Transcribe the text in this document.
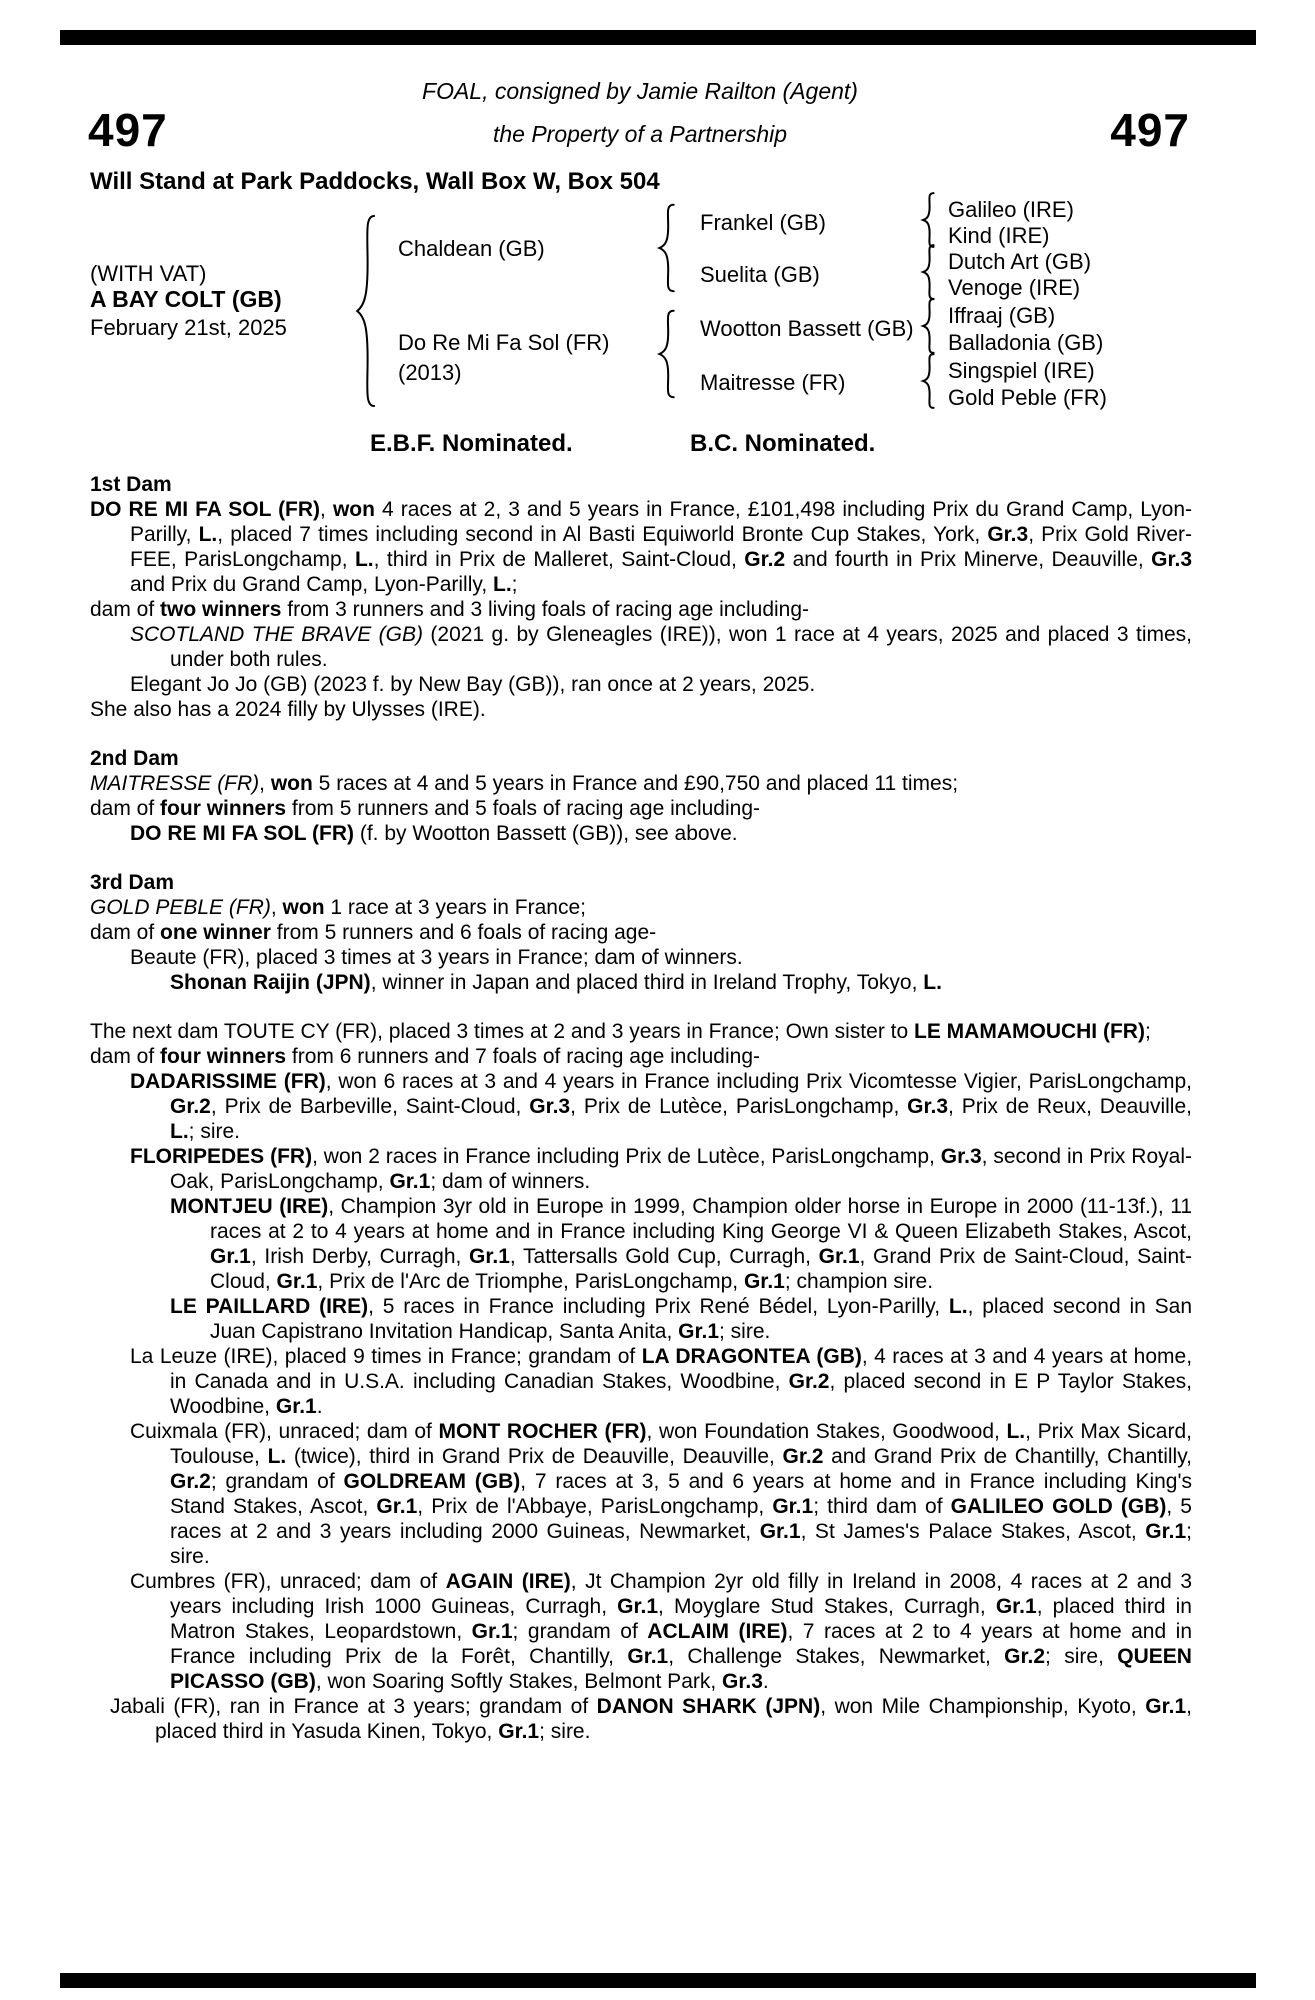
FOAL, consigned by Jamie Railton (Agent)
497	the Property of a Partnership	497
Will Stand at Park Paddocks, Wall Box W, Box 504
(WITH VAT)
A BAY COLT (GB)
February 21st, 2025
Chaldean (GB)
Do Re Mi Fa Sol (FR)
(2013)
Frankel (GB)
Suelita (GB)
Wootton Bassett (GB)
Maitresse (FR)
Galileo (IRE)
Kind (IRE)
Dutch Art (GB)
Venoge (IRE)
Iffraaj (GB)
Balladonia (GB)
Singspiel (IRE)
Gold Peble (FR)
E.B.F. Nominated.	B.C. Nominated.

1st Dam

DO RE MI FA SOL (FR), won 4 races at 2, 3 and 5 years in France, £101,498 including Prix du Grand Camp, Lyon-Parilly, L., placed 7 times including second in Al Basti Equiworld Bronte Cup Stakes, York, Gr.3, Prix Gold River-FEE, ParisLongchamp, L., third in Prix de Malleret, Saint-Cloud, Gr.2 and fourth in Prix Minerve, Deauville, Gr.3 and Prix du Grand Camp, Lyon-Parilly, L.;

dam of two winners from 3 runners and 3 living foals of racing age including-

SCOTLAND THE BRAVE (GB) (2021 g. by Gleneagles (IRE)), won 1 race at 4 years, 2025 and placed 3 times, under both rules.

Elegant Jo Jo (GB) (2023 f. by New Bay (GB)), ran once at 2 years, 2025.

She also has a 2024 filly by Ulysses (IRE).

2nd Dam

MAITRESSE (FR), won 5 races at 4 and 5 years in France and £90,750 and placed 11 times;

dam of four winners from 5 runners and 5 foals of racing age including-

DO RE MI FA SOL (FR) (f. by Wootton Bassett (GB)), see above.

3rd Dam

GOLD PEBLE (FR), won 1 race at 3 years in France;

dam of one winner from 5 runners and 6 foals of racing age-

Beaute (FR), placed 3 times at 3 years in France; dam of winners.

Shonan Raijin (JPN), winner in Japan and placed third in Ireland Trophy, Tokyo, L.

The next dam TOUTE CY (FR), placed 3 times at 2 and 3 years in France; Own sister to LE MAMAMOUCHI (FR);

dam of four winners from 6 runners and 7 foals of racing age including-

DADARISSIME (FR), won 6 races at 3 and 4 years in France including Prix Vicomtesse Vigier, ParisLongchamp, Gr.2, Prix de Barbeville, Saint-Cloud, Gr.3, Prix de Lutèce, ParisLongchamp, Gr.3, Prix de Reux, Deauville, L.; sire.

FLORIPEDES (FR), won 2 races in France including Prix de Lutèce, ParisLongchamp, Gr.3, second in Prix Royal-Oak, ParisLongchamp, Gr.1; dam of winners.

MONTJEU (IRE), Champion 3yr old in Europe in 1999, Champion older horse in Europe in 2000 (11-13f.), 11 races at 2 to 4 years at home and in France including King George VI & Queen Elizabeth Stakes, Ascot, Gr.1, Irish Derby, Curragh, Gr.1, Tattersalls Gold Cup, Curragh, Gr.1, Grand Prix de Saint-Cloud, Saint-Cloud, Gr.1, Prix de l'Arc de Triomphe, ParisLongchamp, Gr.1; champion sire.

LE PAILLARD (IRE), 5 races in France including Prix René Bédel, Lyon-Parilly, L., placed second in San Juan Capistrano Invitation Handicap, Santa Anita, Gr.1; sire.

La Leuze (IRE), placed 9 times in France; grandam of LA DRAGONTEA (GB), 4 races at 3 and 4 years at home, in Canada and in U.S.A. including Canadian Stakes, Woodbine, Gr.2, placed second in E P Taylor Stakes, Woodbine, Gr.1.

Cuixmala (FR), unraced; dam of MONT ROCHER (FR), won Foundation Stakes, Goodwood, L., Prix Max Sicard, Toulouse, L. (twice), third in Grand Prix de Deauville, Deauville, Gr.2 and Grand Prix de Chantilly, Chantilly, Gr.2; grandam of GOLDREAM (GB), 7 races at 3, 5 and 6 years at home and in France including King's Stand Stakes, Ascot, Gr.1, Prix de l'Abbaye, ParisLongchamp, Gr.1; third dam of GALILEO GOLD (GB), 5 races at 2 and 3 years including 2000 Guineas, Newmarket, Gr.1, St James's Palace Stakes, Ascot, Gr.1; sire.

Cumbres (FR), unraced; dam of AGAIN (IRE), Jt Champion 2yr old filly in Ireland in 2008, 4 races at 2 and 3 years including Irish 1000 Guineas, Curragh, Gr.1, Moyglare Stud Stakes, Curragh, Gr.1, placed third in Matron Stakes, Leopardstown, Gr.1; grandam of ACLAIM (IRE), 7 races at 2 to 4 years at home and in France including Prix de la Forêt, Chantilly, Gr.1, Challenge Stakes, Newmarket, Gr.2; sire, QUEEN PICASSO (GB), won Soaring Softly Stakes, Belmont Park, Gr.3.

Jabali (FR), ran in France at 3 years; grandam of DANON SHARK (JPN), won Mile Championship, Kyoto, Gr.1, placed third in Yasuda Kinen, Tokyo, Gr.1; sire.
